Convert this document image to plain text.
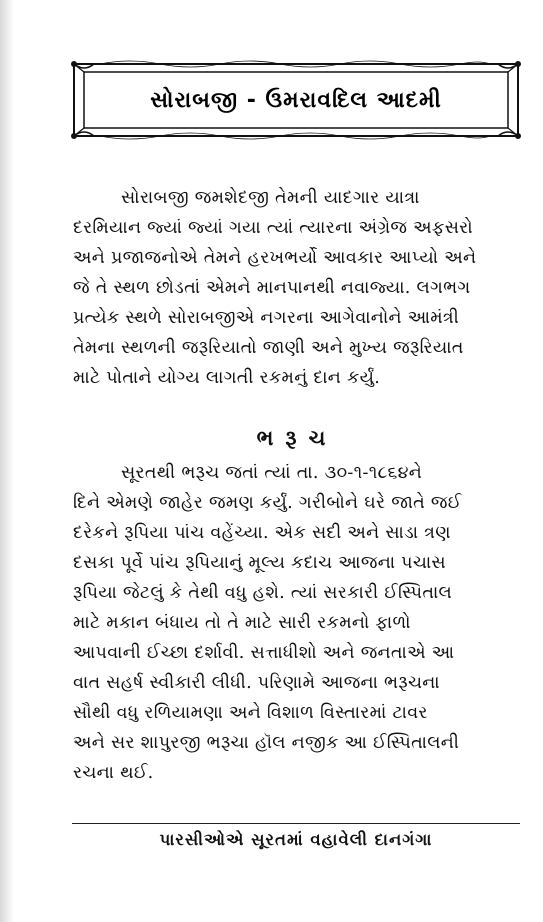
સોરાબજી - ઉમરાવદિલ આદમી
સોરાબજી જમશેદજી તેમની યાદગાર યાત્રા
દરમિયાન જ્યાં જ્યાં ગયા ત્યાં ત્યારના અંગ્રેજ અફસરો
અને પ્રજાજનોએ તેમને હરખભર્યો આવકાર આપ્યો અને
જે તે સ્થળ છોડતાં એમને માનપાનથી નવાજ્યા. લગભગ
પ્રત્યેક સ્થળે સોરાબજીએ નગરના આગેવાનોને આમંત્રી
તેમના સ્થળની જરૂરિયાતો જાણી અને મુખ્ય જરૂરિયાત
માટે પોતાને યોગ્ય લાગતી રકમનું દાન કર્યું.
ભરૂચ
સૂરતથી ભરૂચ જતાં ત્યાં તા. ૩૦-૧-૧૮૬૪ને
દિને એમણે જાહેર જમણ કર્યું. ગરીબોને ઘરે જાતે જઈ
દરેકને રૂપિયા પાંચ વહેંચ્યા. એક સદી અને સાડા ત્રણ
દસકા પૂર્વે પાંચ રૂપિયાનું મૂલ્ય કદાચ આજના પચાસ
રૂપિયા જેટલું કે તેથી વધુ હશે. ત્યાં સરકારી ઈસ્પિતાલ
માટે મકાન બંધાય તો તે માટે સારી રકમનો ફાળો
આપવાની ઈચ્છા દર્શાવી. સત્તાધીશો અને જનતાએ આ
વાત સહર્ષ સ્વીકારી લીધી. પરિણામે આજના ભરૂચના
સૌથી વધુ રળિયામણા અને વિશાળ વિસ્તારમાં ટાવર
અને સર શાપુરજી ભરૂચા હૉલ નજીક આ ઈસ્પિતાલની
રચના થઈ.
પારસીઓએ સૂરતમાં વહાવેલી દાનગંગા
